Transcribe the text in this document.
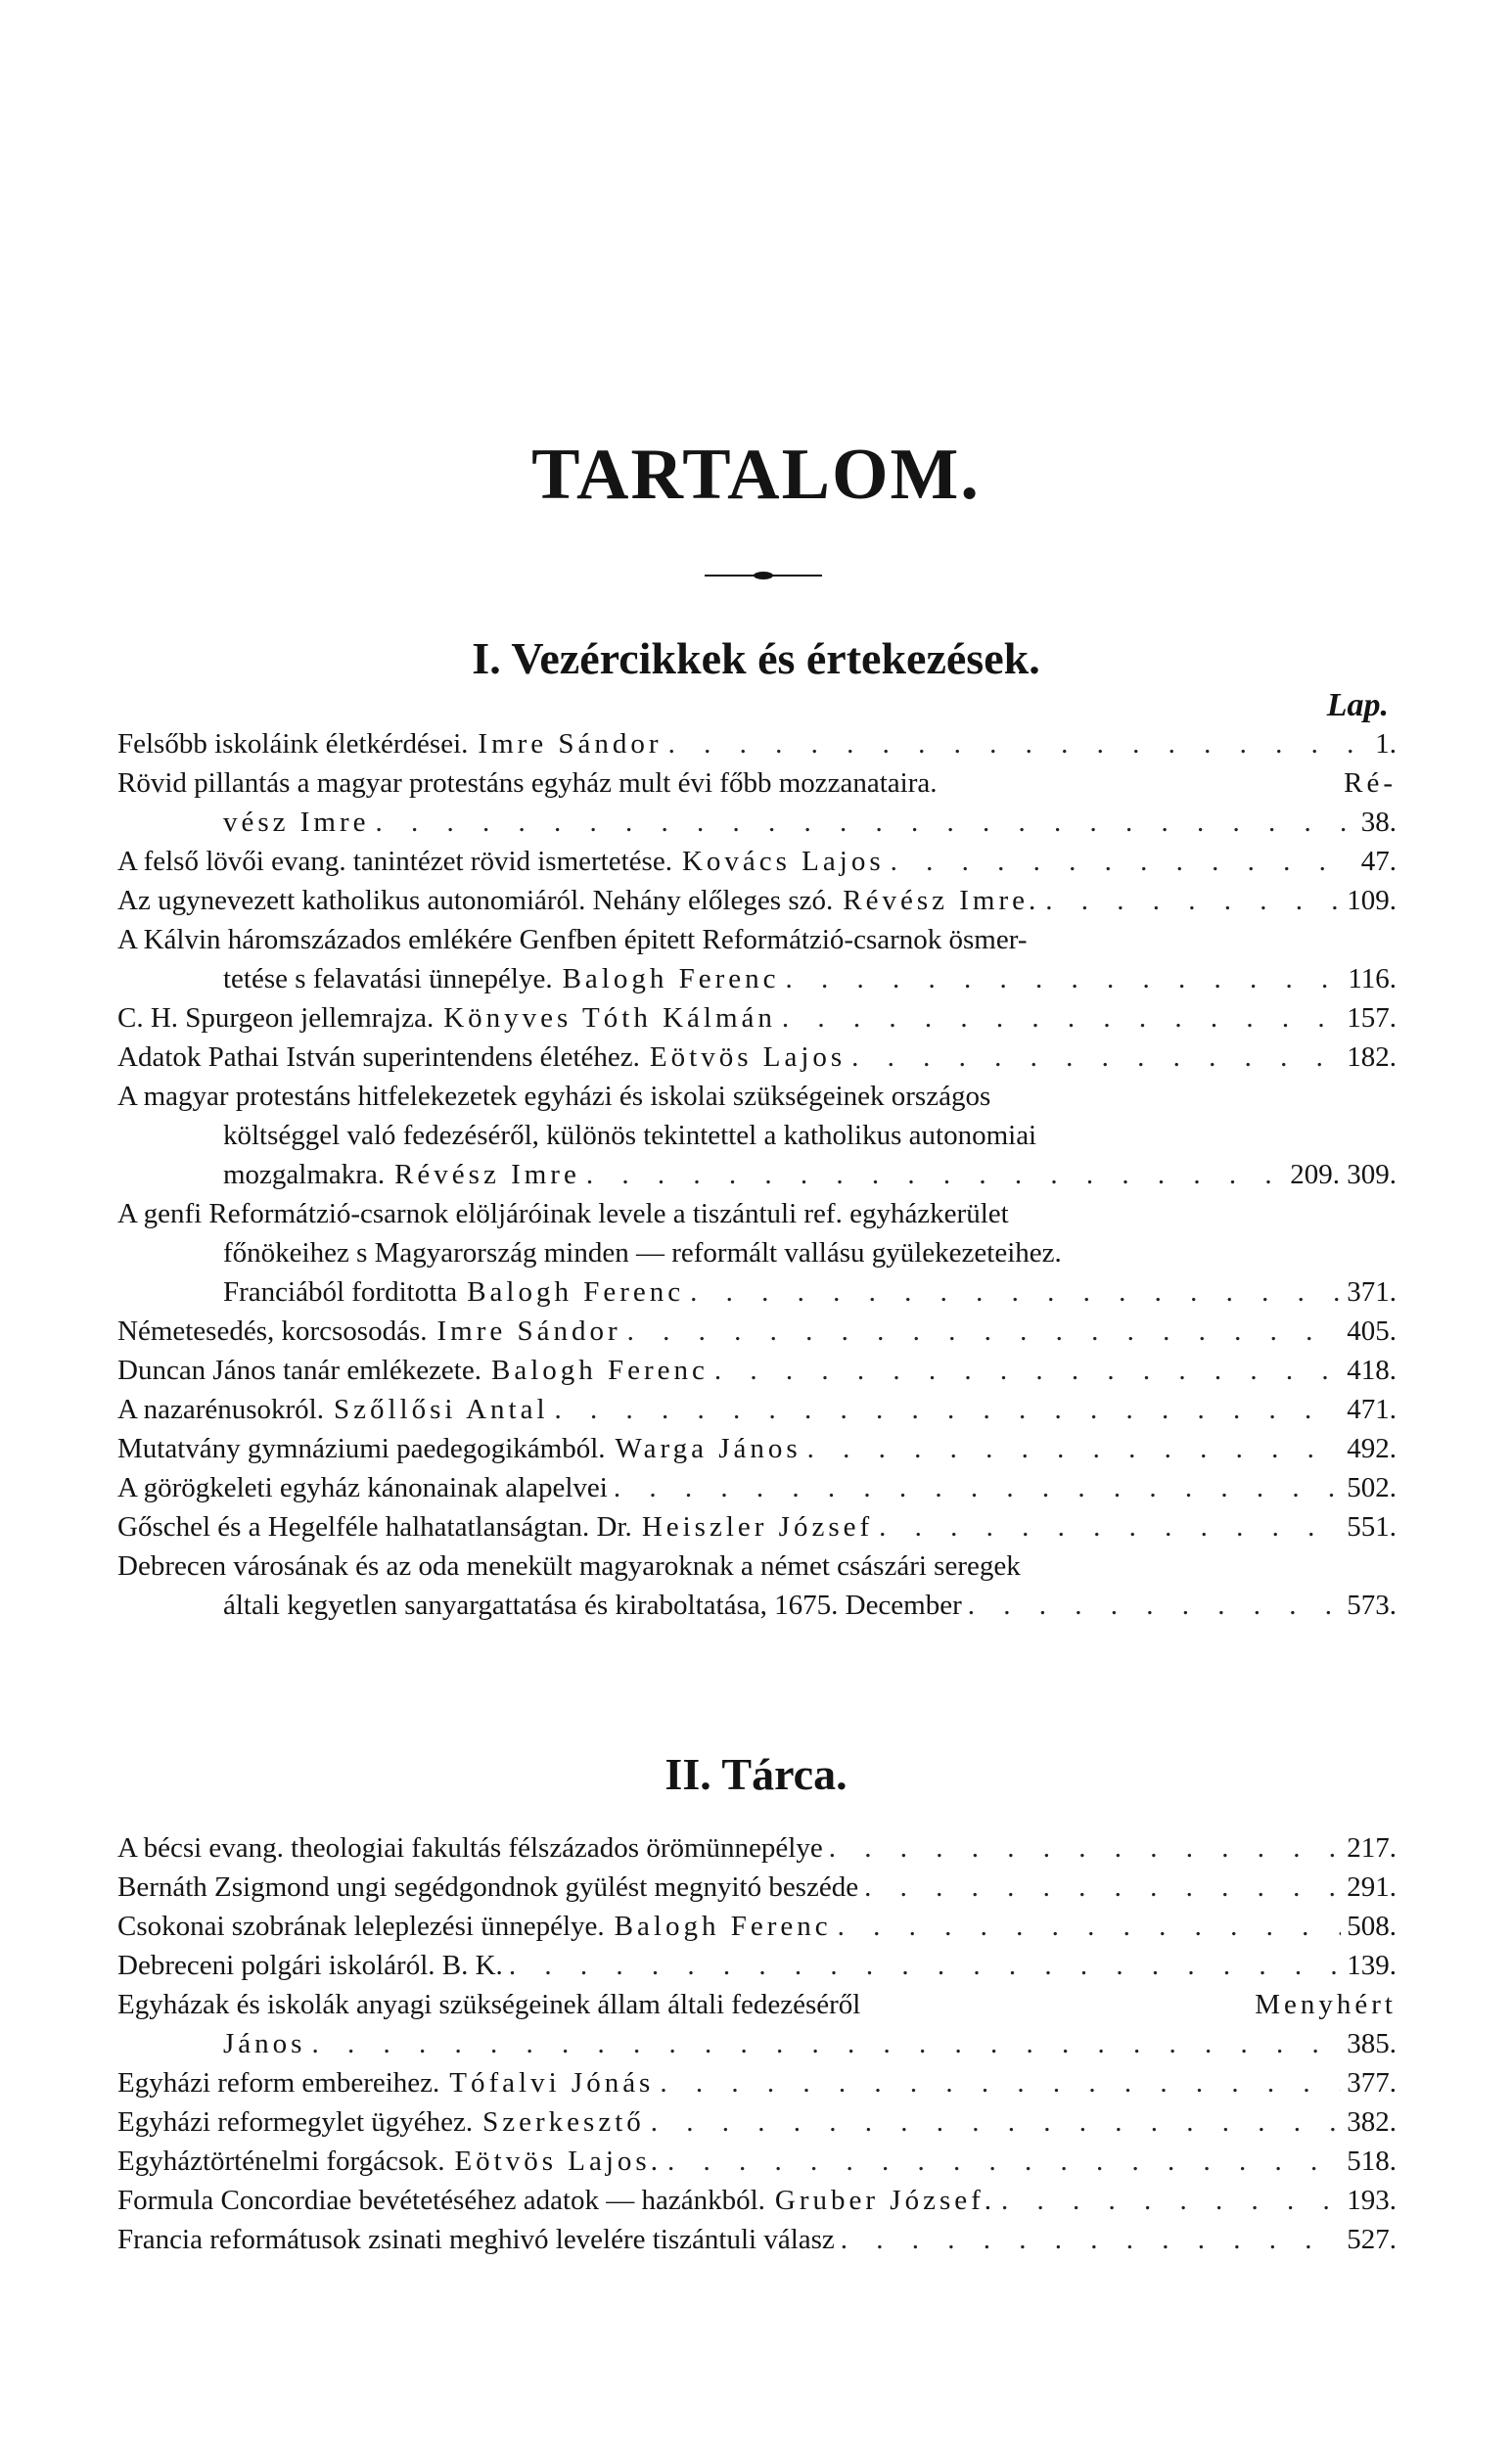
TARTALOM.
I. Vezércikkek és értekezések.
Lap.
Felsőbb iskoláink életkérdései. Imre Sándor . . .	1.
Rövid pillantás a magyar protestáns egyház mult évi főbb mozzanataira.	Ré-
vész Imre . . .	38.
A felső lövői evang. tanintézet rövid ismertetése. Kovács Lajos . . .	47.
Az ugynevezett katholikus autonomiáról. Nehány előleges szó. Révész Imre. . . .	109.
A Kálvin háromszázados emlékére Genfben épitett Reformátzió-csarnok ösmer-
tetése s felavatási ünnepélye. Balogh Ferenc . . .	116.
C. H. Spurgeon jellemrajza. Könyves Tóth Kálmán . . .	157.
Adatok Pathai István superintendens életéhez. Eötvös Lajos . . .	182.
A magyar protestáns hitfelekezetek egyházi és iskolai szükségeinek országos
költséggel való fedezéséről, különös tekintettel a katholikus autonomiai
mozgalmakra. Révész Imre . . .	209. 309.
A genfi Reformátzió-csarnok elöljáróinak levele a tiszántuli ref. egyházkerület
főnökeihez s Magyarország minden — reformált vallásu gyülekezeteihez.
Franciából forditotta Balogh Ferenc . . .	371.
Németesedés, korcsosodás. Imre Sándor . . .	405.
Duncan János tanár emlékezete. Balogh Ferenc . . .	418.
A nazarénusokról. Szőllősi Antal . . .	471.
Mutatvány gymnáziumi paedegogikámból. Warga János . . .	492.
A görögkeleti egyház kánonainak alapelvei . . .	502.
Gőschel és a Hegelféle halhatatlanságtan. Dr. Heiszler József . . .	551.
Debrecen városának és az oda menekült magyaroknak a német császári seregek
általi kegyetlen sanyargattatása és kiraboltatása, 1675. December . . .	573.
II. Tárca.
A bécsi evang. theologiai fakultás félszázados örömünnepélye . . .	217.
Bernáth Zsigmond ungi segédgondnok gyülést megnyitó beszéde . . .	291.
Csokonai szobrának leleplezési ünnepélye. Balogh Ferenc . . .	508.
Debreceni polgári iskoláról. B. K. . . .	139.
Egyházak és iskolák anyagi szükségeinek állam általi fedezéséről	Menyhért
János . . .	385.
Egyházi reform embereihez. Tófalvi Jónás . . .	377.
Egyházi reformegylet ügyéhez. Szerkesztő . . .	382.
Egyháztörténelmi forgácsok. Eötvös Lajos. . . .	518.
Formula Concordiae bevétetéséhez adatok — hazánkból. Gruber József. . . .	193.
Francia reformátusok zsinati meghivó levelére tiszántuli válasz . . .	527.
